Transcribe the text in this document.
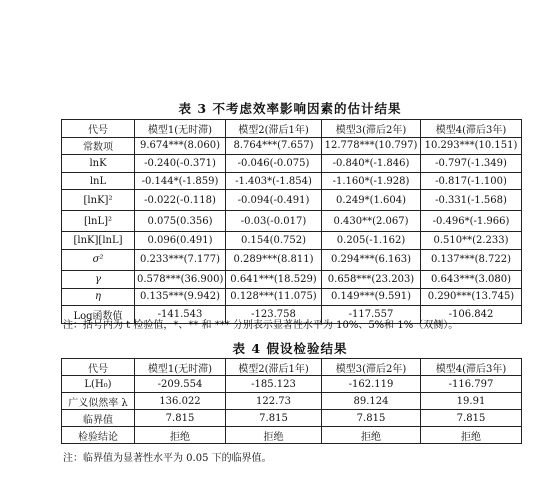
表 3 不考虑效率影响因素的估计结果
代号	模型1(无时滞)	模型2(滞后1年)	模型3(滞后2年)	模型4(滞后3年)
常数项	9.674***(8.060)	8.764***(7.657)	12.778***(10.797)	10.293***(10.151)
lnK	-0.240(-0.371)	-0.046(-0.075)	-0.840*(-1.846)	-0.797(-1.349)
lnL	-0.144*(-1.859)	-1.403*(-1.854)	-1.160*(-1.928)	-0.817(-1.100)
[lnK]²	-0.022(-0.118)	-0.094(-0.491)	0.249*(1.604)	-0.331(-1.568)
[lnL]²	0.075(0.356)	-0.03(-0.017)	0.430**(2.067)	-0.496*(-1.966)
[lnK][lnL]	0.096(0.491)	0.154(0.752)	0.205(-1.162)	0.510**(2.233)
σ²	0.233***(7.177)	0.289***(8.811)	0.294***(6.163)	0.137***(8.722)
γ	0.578***(36.900)	0.641***(18.529)	0.658***(23.203)	0.643***(3.080)
η	0.135***(9.942)	0.128***(11.075)	0.149***(9.591)	0.290***(13.745)
Log函数值	-141.543	-123.758	-117.557	-106.842
注：括号内为 t 检验值，*、** 和 *** 分别表示显著性水平为 10%、5%和 1%（双侧）。
表 4 假设检验结果
代号	模型1(无时滞)	模型2(滞后1年)	模型3(滞后2年)	模型4(滞后3年)
L(H₀)	-209.554	-185.123	-162.119	-116.797
广义似然率 λ	136.022	122.73	89.124	19.91
临界值	7.815	7.815	7.815	7.815
检验结论	拒绝	拒绝	拒绝	拒绝
注：临界值为显著性水平为 0.05 下的临界值。
